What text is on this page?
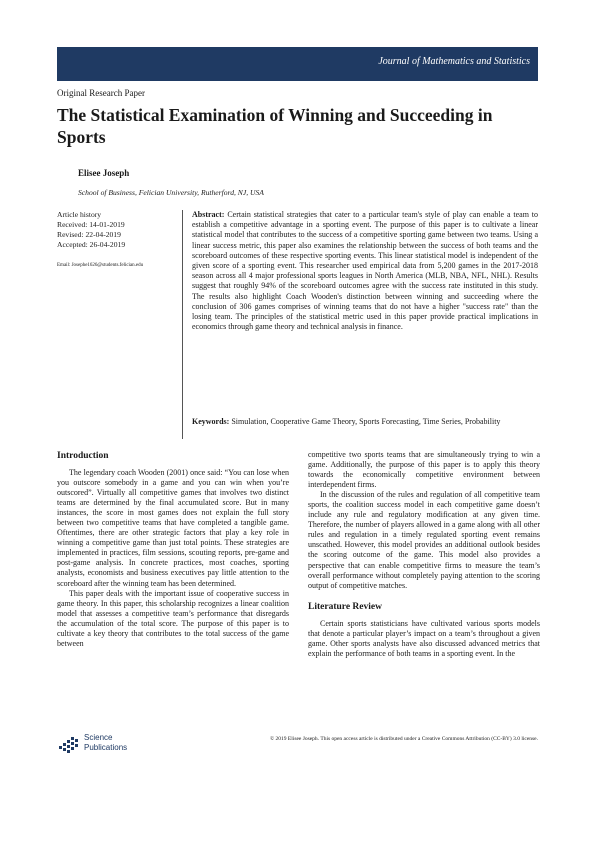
Journal of Mathematics and Statistics
Original Research Paper
The Statistical Examination of Winning and Succeeding in Sports
Elisee Joseph
School of Business, Felician University, Rutherford, NJ, USA
Article history
Received: 14-01-2019
Revised: 22-04-2019
Accepted: 26-04-2019
Email: Josephe1626@students.felician.edu

Abstract: Certain statistical strategies that cater to a particular team's style of play can enable a team to establish a competitive advantage in a sporting event. The purpose of this paper is to cultivate a linear statistical model that contributes to the success of a competitive sporting game between two teams. Using a linear success metric, this paper also examines the relationship between the success of both teams and the scoreboard outcomes of these respective sporting events. This linear statistical model is independent of the given score of a sporting event. This researcher used empirical data from 5,200 games in the 2017-2018 season across all 4 major professional sports leagues in North America (MLB, NBA, NFL, NHL). Results suggest that roughly 94% of the scoreboard outcomes agree with the success rate instituted in this study. The results also highlight Coach Wooden's distinction between winning and succeeding where the conclusion of 306 games comprises of winning teams that do not have a higher "success rate" than the losing team. The principles of the statistical metric used in this paper provide practical implications in economics through game theory and technical analysis in finance.

Keywords: Simulation, Cooperative Game Theory, Sports Forecasting, Time Series, Probability

Introduction

The legendary coach Wooden (2001) once said: “You can lose when you outscore somebody in a game and you can win when you’re outscored”. Virtually all competitive games that involves two distinct teams are determined by the final accumulated score. But in many instances, the score in most games does not explain the full story between two competitive teams that have completed a tangible game. Oftentimes, there are other strategic factors that play a key role in winning a competitive game than just total points. These strategies are implemented in practices, film sessions, scouting reports, pre-game and post-game analysis. In concrete practices, most coaches, sporting analysts, economists and business executives pay little attention to the scoreboard after the winning team has been determined.

This paper deals with the important issue of cooperative success in game theory. In this paper, this scholarship recognizes a linear coalition model that assesses a competitive team’s performance that disregards the accumulation of the total score. The purpose of this paper is to cultivate a key theory that contributes to the total success of the game between

competitive two sports teams that are simultaneously trying to win a game. Additionally, the purpose of this paper is to apply this theory towards the economically competitive environment between interdependent firms.

In the discussion of the rules and regulation of all competitive team sports, the coalition success model in each competitive game doesn’t include any rule and regulatory modification at any given time. Therefore, the number of players allowed in a game along with all other rules and regulation in a timely regulated sporting event remains unscathed. However, this model provides an additional outlook besides the scoring outcome of the game. This model also provides a perspective that can enable competitive firms to measure the team’s overall performance without completely paying attention to the scoring output of competitive matches.

Literature Review

Certain sports statisticians have cultivated various sports models that denote a particular player’s impact on a team’s throughout a given game. Other sports analysts have also discussed advanced metrics that explain the performance of both teams in a sporting event. In the

Science
Publications
© 2019 Elisee Joseph. This open access article is distributed under a Creative Commons Attribution (CC-BY) 3.0 license.
